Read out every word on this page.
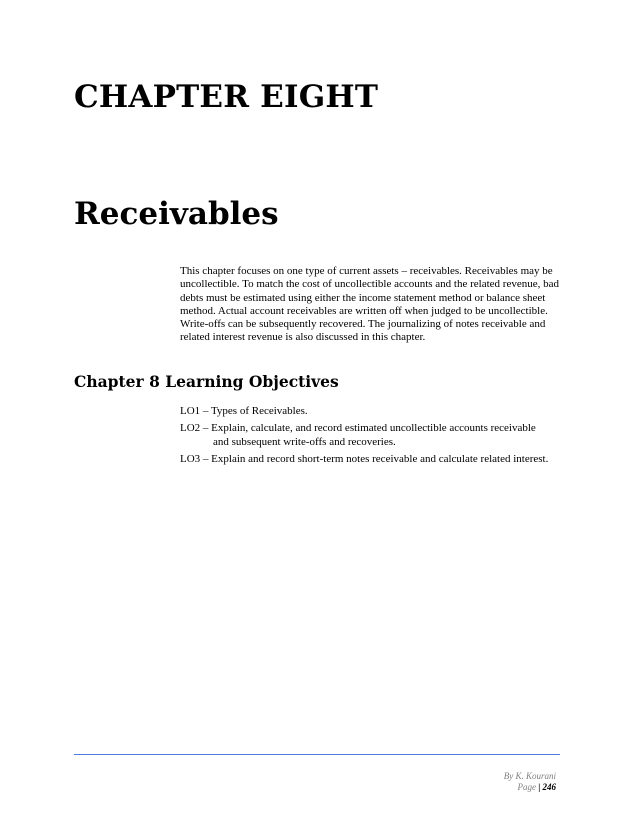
CHAPTER EIGHT
Receivables

This chapter focuses on one type of current assets – receivables. Receivables may be uncollectible. To match the cost of uncollectible accounts and the related revenue, bad debts must be estimated using either the income statement method or balance sheet method. Actual account receivables are written off when judged to be uncollectible. Write-offs can be subsequently recovered. The journalizing of notes receivable and related interest revenue is also discussed in this chapter.

Chapter 8 Learning Objectives
LO1 – Types of Receivables.
LO2 – Explain, calculate, and record estimated uncollectible accounts receivable and subsequent write-offs and recoveries.
LO3 – Explain and record short-term notes receivable and calculate related interest.

By K. Kourani

Page | 246
